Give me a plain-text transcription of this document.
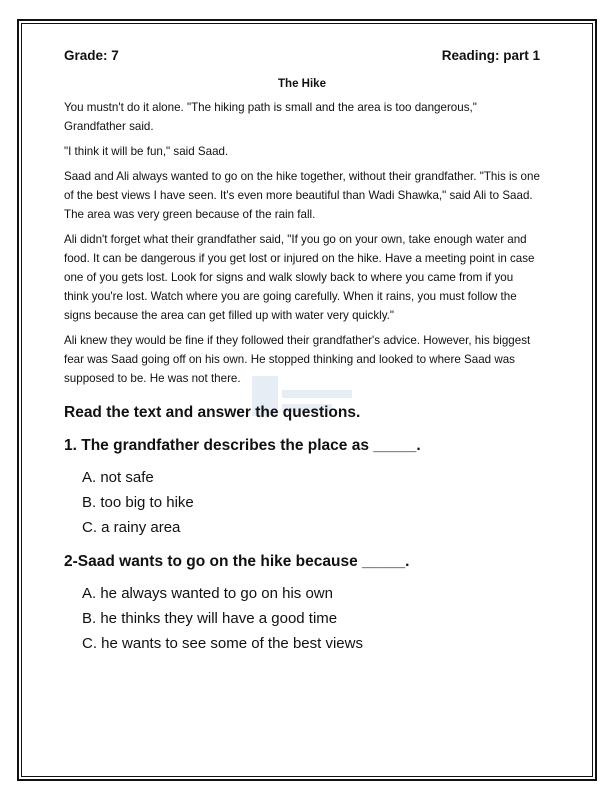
Grade: 7	Reading: part 1
The Hike

You mustn't do it alone. "The hiking path is small and the area is too dangerous," Grandfather said.

"I think it will be fun," said Saad.

Saad and Ali always wanted to go on the hike together, without their grandfather. "This is one of the best views I have seen. It's even more beautiful than Wadi Shawka," said Ali to Saad. The area was very green because of the rain fall.

Ali didn't forget what their grandfather said, "If you go on your own, take enough water and food. It can be dangerous if you get lost or injured on the hike. Have a meeting point in case one of you gets lost. Look for signs and walk slowly back to where you came from if you think you're lost. Watch where you are going carefully. When it rains, you must follow the signs because the area can get filled up with water very quickly."

Ali knew they would be fine if they followed their grandfather's advice. However, his biggest fear was Saad going off on his own. He stopped thinking and looked to where Saad was supposed to be. He was not there.

Read the text and answer the questions.
1. The grandfather describes the place as _____.
A. not safe
B. too big to hike
C. a rainy area
2-Saad wants to go on the hike because _____.
A. he always wanted to go on his own
B. he thinks they will have a good time
C. he wants to see some of the best views
